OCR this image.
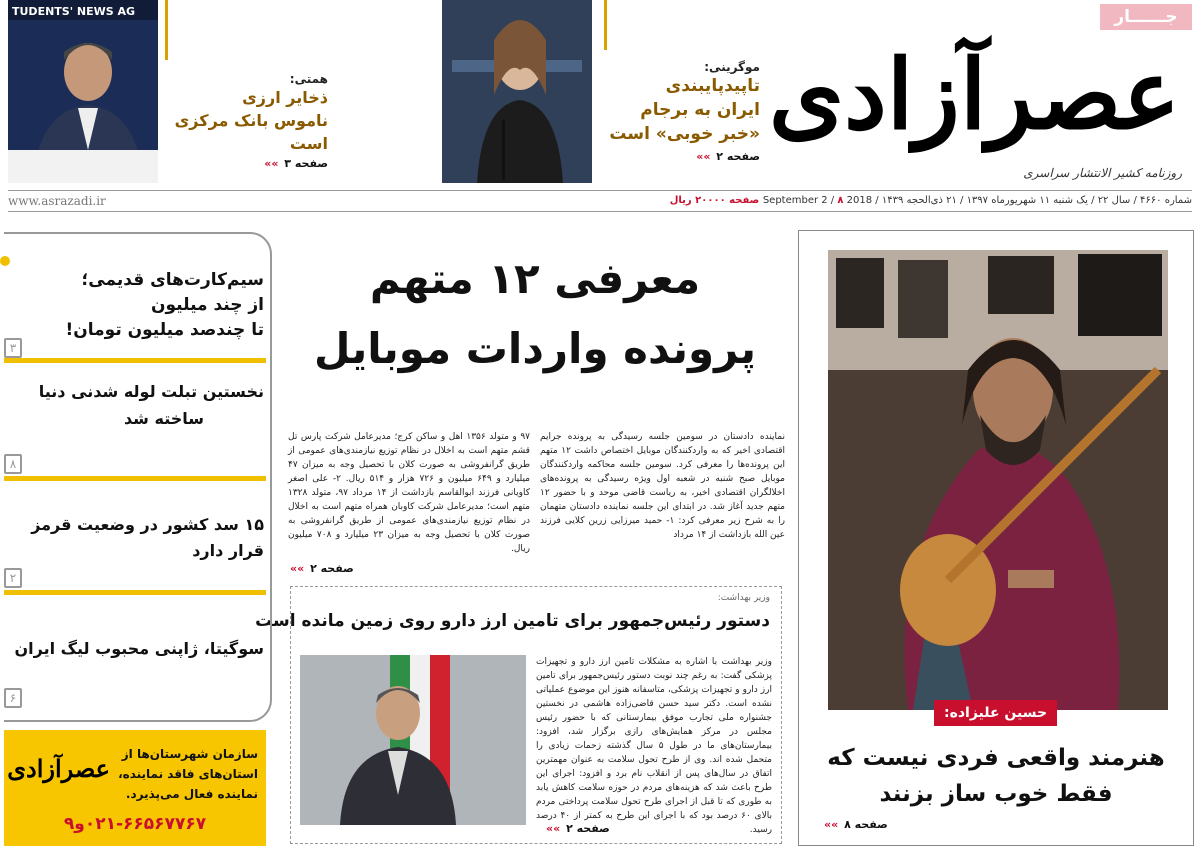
جــــــار
عصرآزادی
روزنامه کشیر الانتشار سراسری
موگرینی:
تاپیدپایبندی
ایران به برجام
«خبر خوبی» است
صفحه ۲ »»
TUDENTS' NEWS AG
همتی:
ذخایر ارزی
ناموس بانک مرکزی
است
صفحه ۳ »»
شماره ۴۶۶۰ / سال ۲۲ / یک شنبه ۱۱ شهریورماه ۱۳۹۷ / ۲۱ ذی‌الحجه ۱۴۳۹ / 2018 September 2 / ۸ صفحه ۲۰۰۰۰ ریال
www.asrazadi.ir
حسین علیزاده:
هنرمند واقعی فردی نیست که
فقط خوب ساز بزنند
صفحه ۸ »»
معرفی ۱۲ متهم
پرونده واردات موبایل
نماینده دادستان در سومین جلسه رسیدگی به پرونده جرایم اقتصادی اخیر که به واردکنندگان موبایل اختصاص داشت ۱۲ متهم این پرونده‌ها را معرفی کرد. سومین جلسه محاکمه واردکنندگان موبایل صبح شنبه در شعبه اول ویژه رسیدگی به پرونده‌های اخلالگران اقتصادی اخیر، به ریاست قاضی موحد و با حضور ۱۲ متهم جدید آغاز شد. در ابتدای این جلسه نماینده دادستان متهمان را به شرح زیر معرفی کرد: ۱- حمید میرزایی زرین کلایی فرزند عین الله بازداشت از ۱۴ مرداد
۹۷ و متولد ۱۳۵۶ اهل و ساکن کرج؛ مدیرعامل شرکت پارس تل قشم متهم است به اخلال در نظام توزیع نیازمندی‌های عمومی از طریق گرانفروشی به صورت کلان با تحصیل وجه به میزان ۴۷ میلیارد و ۶۴۹ میلیون و ۷۲۶ هزار و ۵۱۴ ریال. ۲- علی اصغر کاویانی فرزند ابوالقاسم بازداشت از ۱۴ مرداد ۹۷، متولد ۱۳۲۸ متهم است؛ مدیرعامل شرکت کاوبان همراه متهم است به اخلال در نظام توزیع نیازمندی‌های عمومی از طریق گرانفروشی به صورت کلان با تحصیل وجه به میزان ۲۳ میلیارد و ۷۰۸ میلیون ریال.
صفحه ۲ »»
وزیر بهداشت:
دستور رئیس‌جمهور برای تامین ارز دارو روی زمین مانده است
وزیر بهداشت با اشاره به مشکلات تامین ارز دارو و تجهیزات پزشکی گفت: به رغم چند نوبت دستور رئیس‌جمهور برای تامین ارز دارو و تجهیزات پزشکی، متاسفانه هنوز این موضوع عملیاتی نشده است. دکتر سید حسن قاضی‌زاده هاشمی در نخستین جشنواره ملی تجارب موفق بیمارستانی که با حضور رئیس مجلس در مرکز همایش‌های رازی برگزار شد، افزود: بیمارستان‌های ما در طول ۵ سال گذشته زحمات زیادی را متحمل شده اند. وی از طرح تحول سلامت به عنوان مهمترین اتفاق در سال‌های پس از انقلاب نام برد و افزود: اجرای این طرح باعث شد که هزینه‌های مردم در حوزه سلامت کاهش یابد به طوری که تا قبل از اجرای طرح تحول سلامت پرداختی مردم بالای ۶۰ درصد بود که با اجرای این طرح به کمتر از ۴۰ درصد رسید.
صفحه ۲ »»
سیم‌کارت‌های قدیمی؛
از چند میلیون
تا چندصد میلیون تومان!
۳
نخستین تبلت لوله شدنی دنیا
ساخته شد
۸
۱۵ سد کشور در وضعیت قرمز قرار دارد
۲
سوگیتا، ژاپنی محبوب لیگ ایران
۶
عصرآزادی سازمان شهرستان‌ها از
استان‌های فاقد نماینده،
نماینده فعال می‌پذیرد.
۰۲۱-۶۶۵۶۷۷۶۷و۹
